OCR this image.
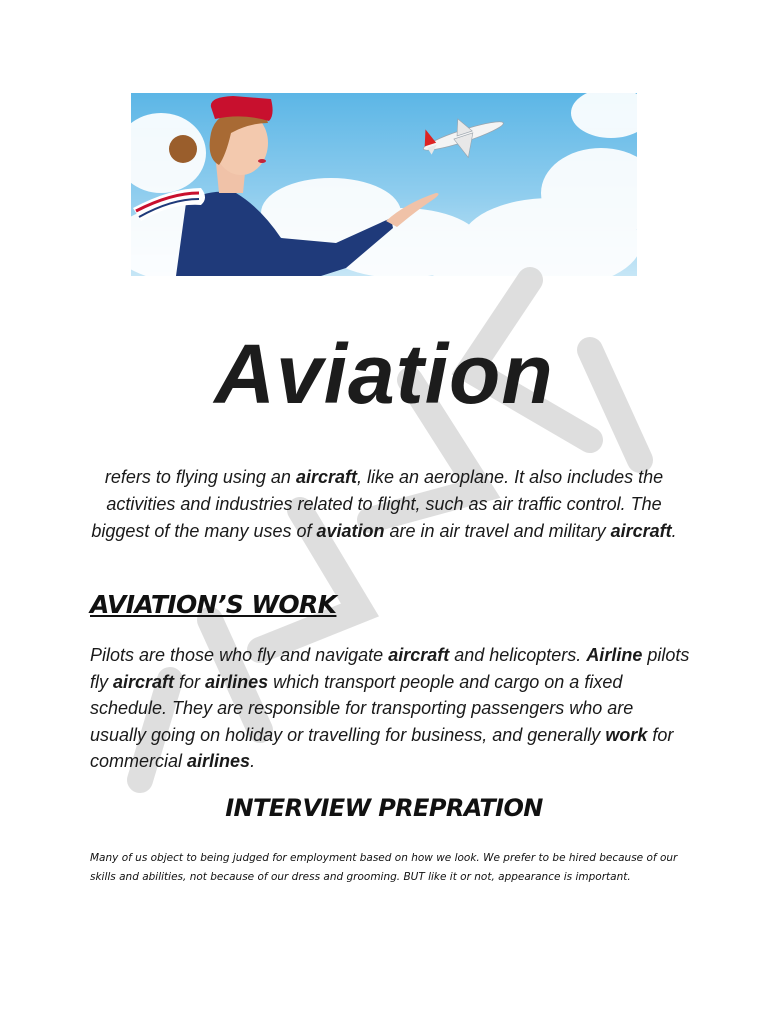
Aviation
refers to flying using an aircraft, like an aeroplane. It also includes the activities and industries related to flight, such as air traffic control. The biggest of the many uses of aviation are in air travel and military aircraft.
AVIATION’S WORK
Pilots are those who fly and navigate aircraft and helicopters. Airline pilots fly aircraft for airlines which transport people and cargo on a fixed schedule. They are responsible for transporting passengers who are usually going on holiday or travelling for business, and generally work for commercial airlines.
INTERVIEW PREPRATION
Many of us object to being judged for employment based on how we look. We prefer to be hired because of our skills and abilities, not because of our dress and grooming. BUT like it or not, appearance is important.
